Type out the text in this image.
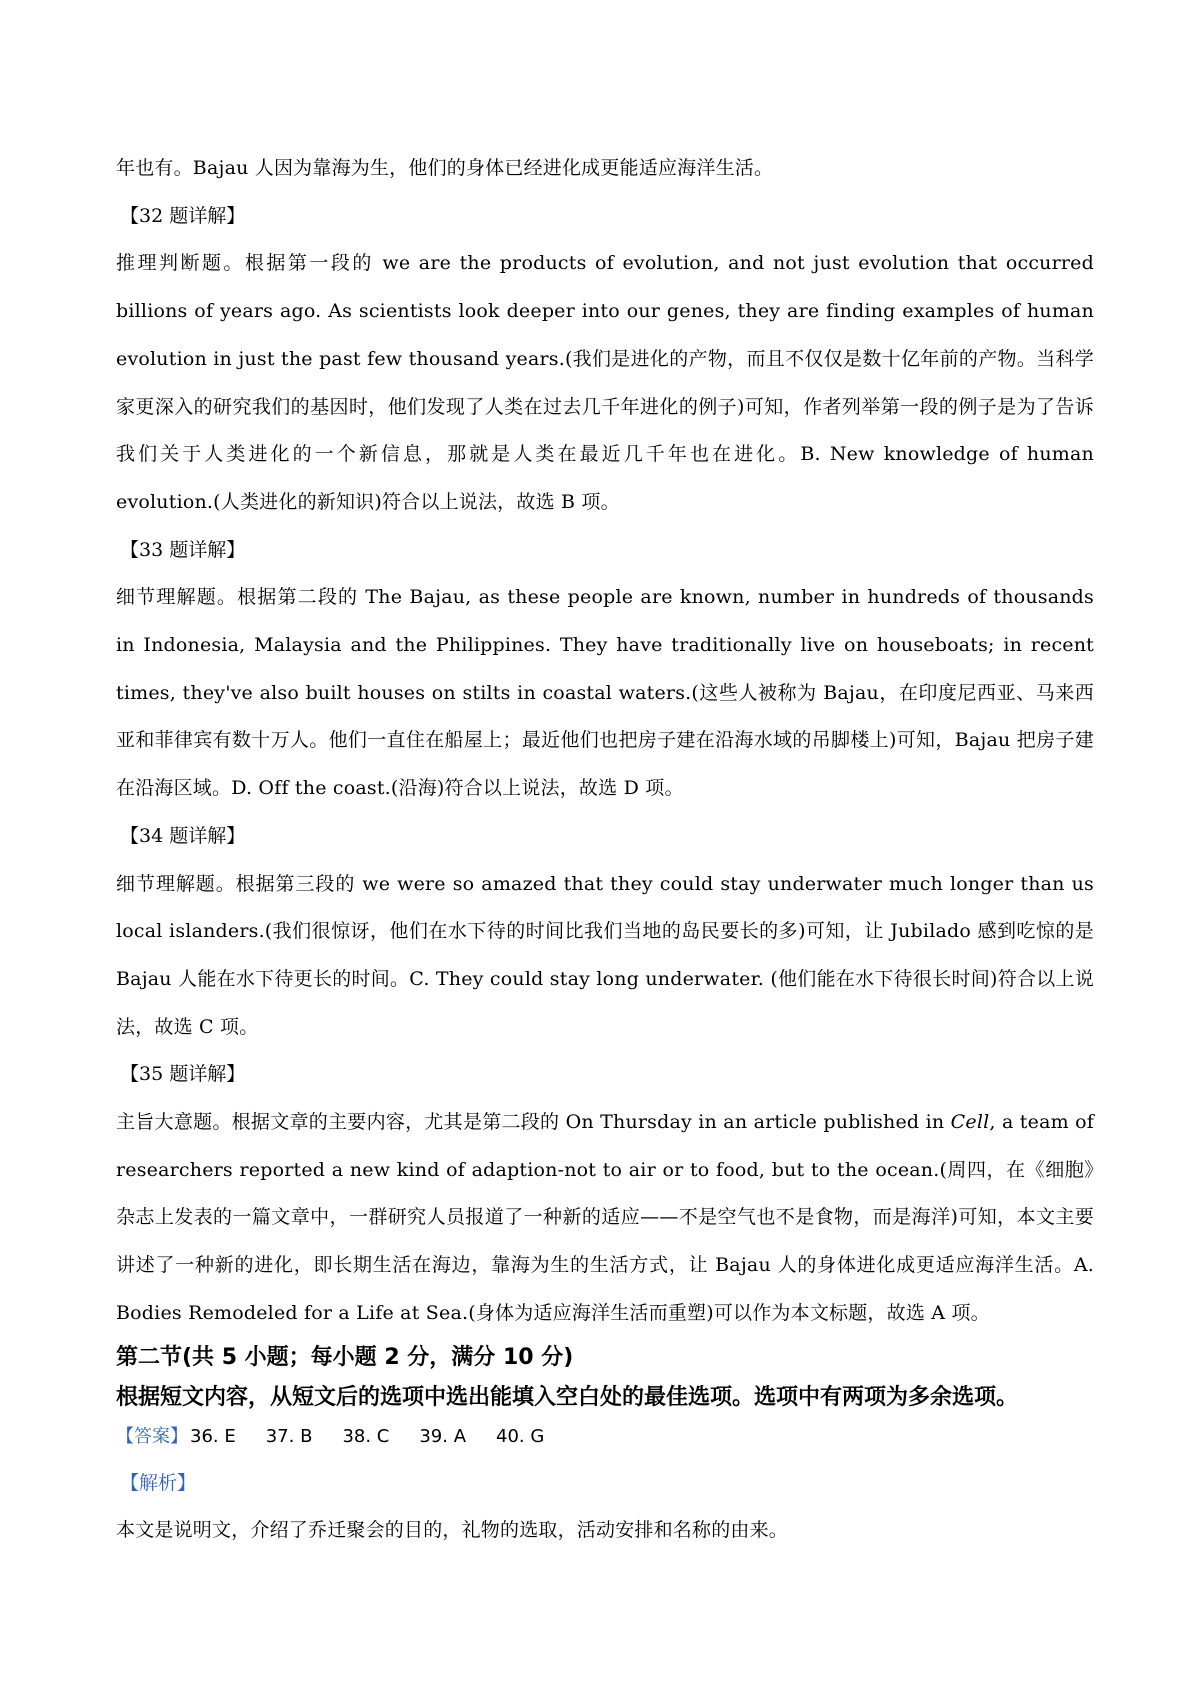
年也有。Bajau 人因为靠海为生，他们的身体已经进化成更能适应海洋生活。

【32 题详解】

推理判断题。根据第一段的 we are the products of evolution, and not just evolution that occurred billions of years ago. As scientists look deeper into our genes, they are finding examples of human evolution in just the past few thousand years.(我们是进化的产物，而且不仅仅是数十亿年前的产物。当科学家更深入的研究我们的基因时，他们发现了人类在过去几千年进化的例子)可知，作者列举第一段的例子是为了告诉我们关于人类进化的一个新信息，那就是人类在最近几千年也在进化。B. New knowledge of human evolution.(人类进化的新知识)符合以上说法，故选 B 项。

【33 题详解】

细节理解题。根据第二段的 The Bajau, as these people are known, number in hundreds of thousands in Indonesia, Malaysia and the Philippines. They have traditionally live on houseboats; in recent times, they've also built houses on stilts in coastal waters.(这些人被称为 Bajau，在印度尼西亚、马来西亚和菲律宾有数十万人。他们一直住在船屋上；最近他们也把房子建在沿海水域的吊脚楼上)可知，Bajau 把房子建在沿海区域。D. Off the coast.(沿海)符合以上说法，故选 D 项。

【34 题详解】

细节理解题。根据第三段的 we were so amazed that they could stay underwater much longer than us local islanders.(我们很惊讶，他们在水下待的时间比我们当地的岛民要长的多)可知，让 Jubilado 感到吃惊的是 Bajau 人能在水下待更长的时间。C. They could stay long underwater. (他们能在水下待很长时间)符合以上说法，故选 C 项。

【35 题详解】

主旨大意题。根据文章的主要内容，尤其是第二段的 On Thursday in an article published in Cell, a team of researchers reported a new kind of adaption-not to air or to food, but to the ocean.(周四，在《细胞》杂志上发表的一篇文章中，一群研究人员报道了一种新的适应——不是空气也不是食物，而是海洋)可知，本文主要讲述了一种新的进化，即长期生活在海边，靠海为生的生活方式，让 Bajau 人的身体进化成更适应海洋生活。A. Bodies Remodeled for a Life at Sea.(身体为适应海洋生活而重塑)可以作为本文标题，故选 A 项。

第二节(共 5 小题；每小题 2 分，满分 10 分)

根据短文内容，从短文后的选项中选出能填入空白处的最佳选项。选项中有两项为多余选项。

【答案】 36. E 37. B 38. C 39. A 40. G

【解析】

本文是说明文，介绍了乔迁聚会的目的，礼物的选取，活动安排和名称的由来。
